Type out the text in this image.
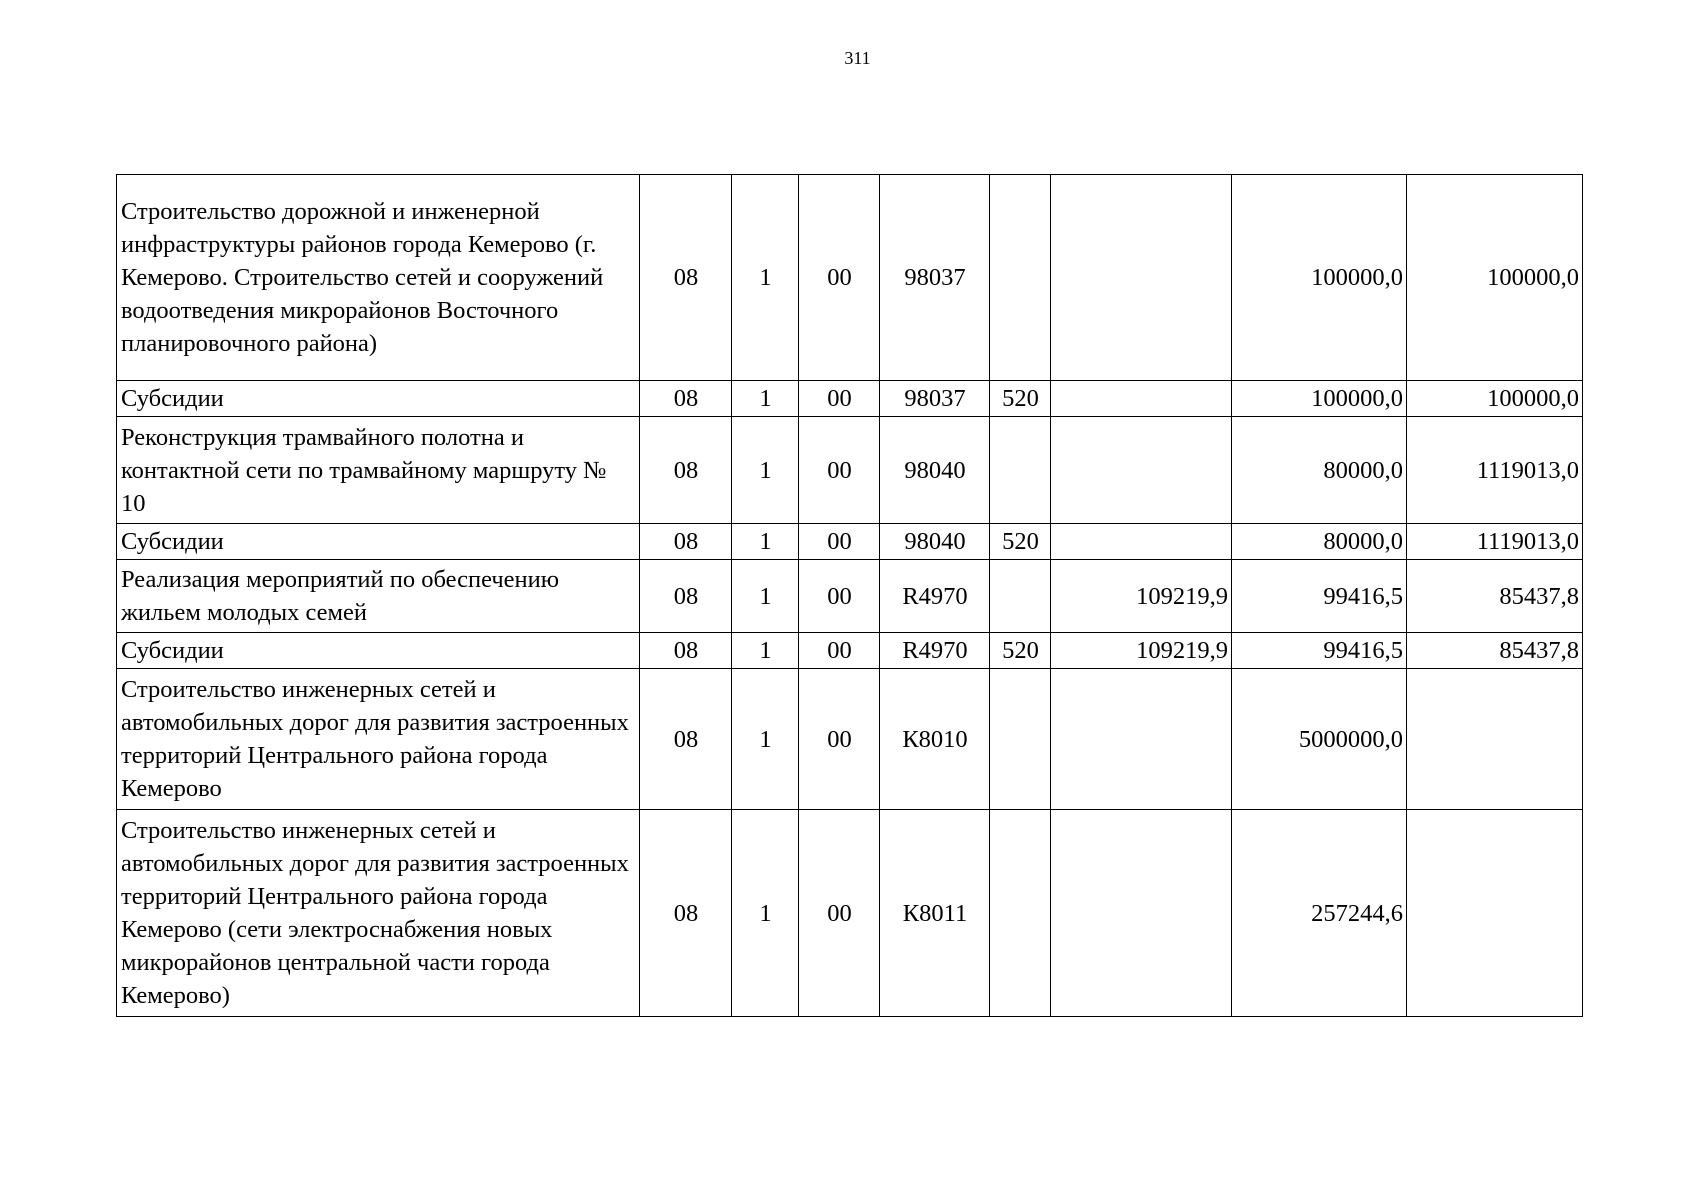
311
Строительство дорожной и инженерной инфраструктуры районов города Кемерово (г. Кемерово. Строительство сетей и сооружений водоотведения микрорайонов Восточного планировочного района)	08	1	00	98037			100000,0	100000,0
Субсидии	08	1	00	98037	520		100000,0	100000,0
Реконструкция трамвайного полотна и контактной сети по трамвайному маршруту № 10	08	1	00	98040			80000,0	1119013,0
Субсидии	08	1	00	98040	520		80000,0	1119013,0
Реализация мероприятий по обеспечению жильем молодых семей	08	1	00	R4970		109219,9	99416,5	85437,8
Субсидии	08	1	00	R4970	520	109219,9	99416,5	85437,8
Строительство инженерных сетей и автомобильных дорог для развития застроенных территорий Центрального района города Кемерово	08	1	00	К8010			5000000,0	
Строительство инженерных сетей и автомобильных дорог для развития застроенных территорий Центрального района города Кемерово (сети электроснабжения новых микрорайонов центральной части города Кемерово)	08	1	00	К8011			257244,6	
